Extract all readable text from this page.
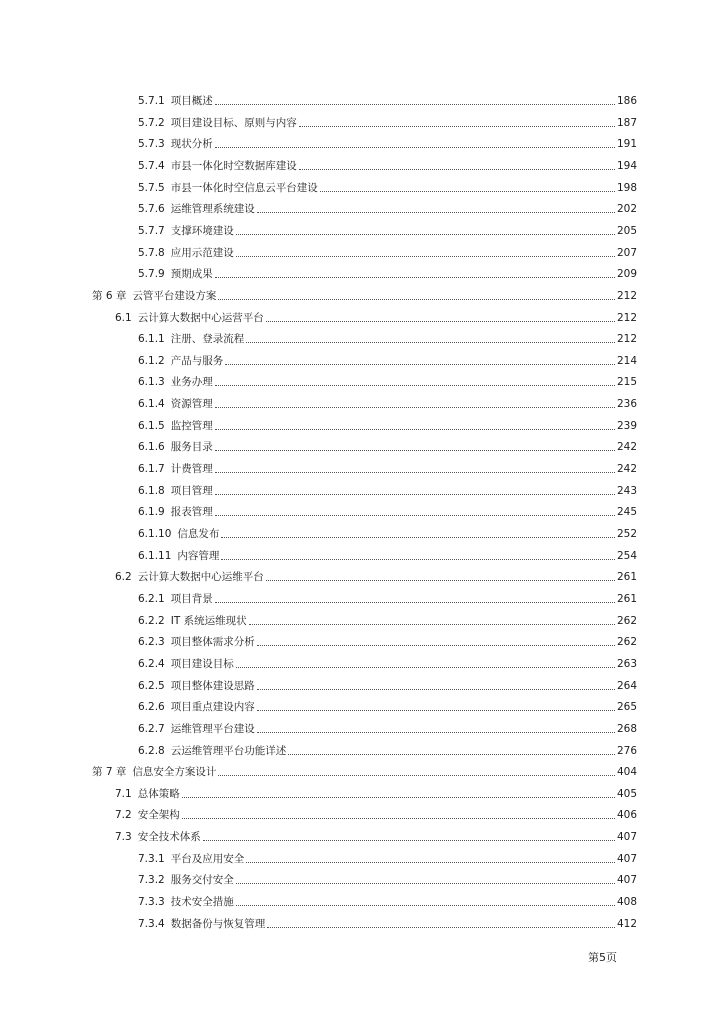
5.7.1 项目概述	186
5.7.2 项目建设目标、原则与内容	187
5.7.3 现状分析	191
5.7.4 市县一体化时空数据库建设	194
5.7.5 市县一体化时空信息云平台建设	198
5.7.6 运维管理系统建设	202
5.7.7 支撑环境建设	205
5.7.8 应用示范建设	207
5.7.9 预期成果	209
第 6 章 云管平台建设方案	212
6.1 云计算大数据中心运营平台	212
6.1.1 注册、登录流程	212
6.1.2 产品与服务	214
6.1.3 业务办理	215
6.1.4 资源管理	236
6.1.5 监控管理	239
6.1.6 服务目录	242
6.1.7 计费管理	242
6.1.8 项目管理	243
6.1.9 报表管理	245
6.1.10 信息发布	252
6.1.11 内容管理	254
6.2 云计算大数据中心运维平台	261
6.2.1 项目背景	261
6.2.2 IT 系统运维现状	262
6.2.3 项目整体需求分析	262
6.2.4 项目建设目标	263
6.2.5 项目整体建设思路	264
6.2.6 项目重点建设内容	265
6.2.7 运维管理平台建设	268
6.2.8 云运维管理平台功能详述	276
第 7 章 信息安全方案设计	404
7.1 总体策略	405
7.2 安全架构	406
7.3 安全技术体系	407
7.3.1 平台及应用安全	407
7.3.2 服务交付安全	407
7.3.3 技术安全措施	408
7.3.4 数据备份与恢复管理	412
第5页
